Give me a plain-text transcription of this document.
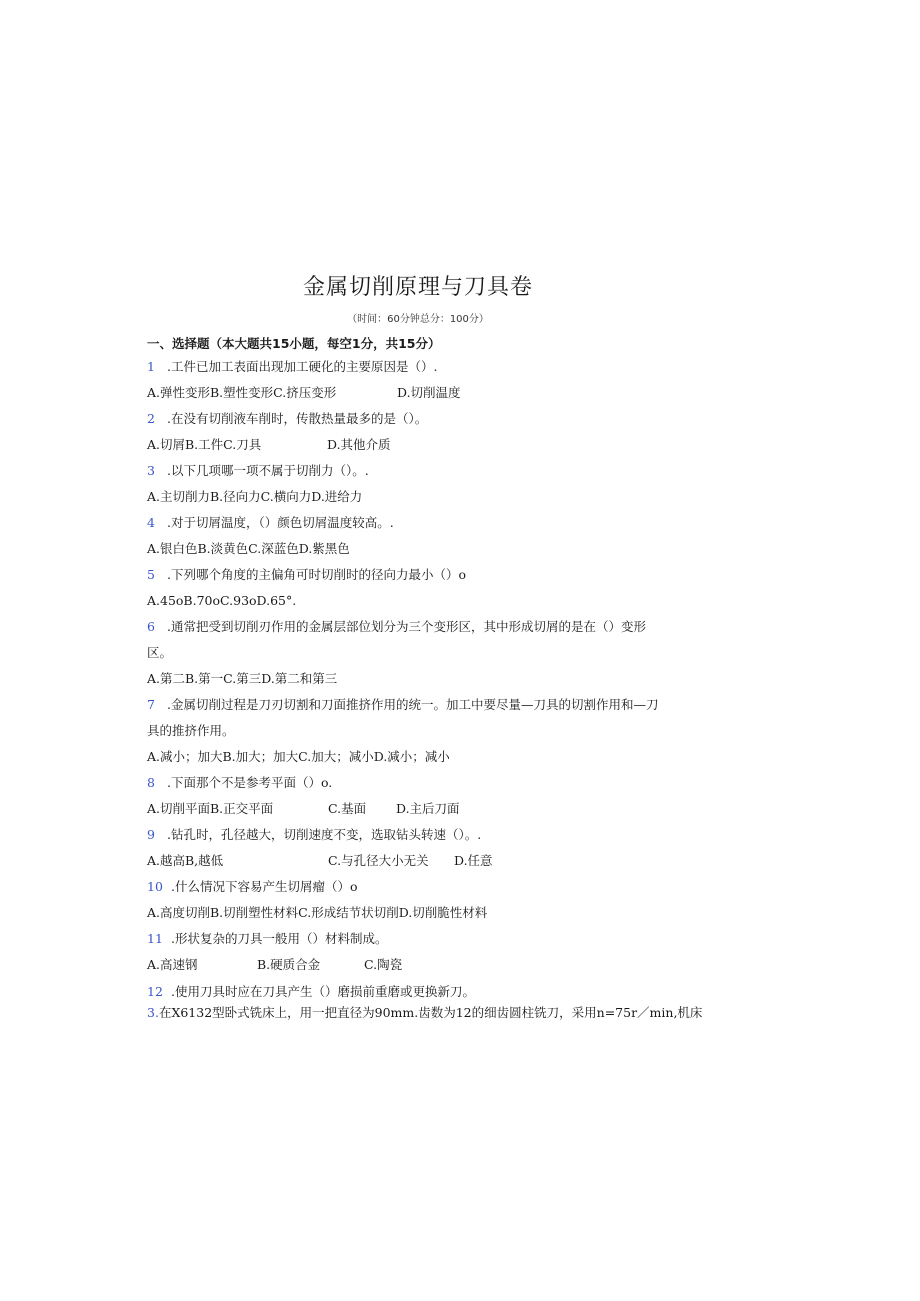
金属切削原理与刀具卷
（时间：60分钟总分：100分）
一、选择题（本大题共15小题，每空1分，共15分）
1 .工件已加工表面出现加工硬化的主要原因是（）.
A.弹性变形B.塑性变形C.挤压变形	D.切削温度
2 .在没有切削液车削时，传散热量最多的是（）。
A.切屑B.工件C.刀具	D.其他介质
3 .以下几项哪一项不属于切削力（）。.
A.主切削力B.径向力C.横向力D.进给力
4 .对于切屑温度，（）颜色切屑温度较高。.
A.银白色B.淡黄色C.深蓝色D.紫黑色
5 .下列哪个角度的主偏角可时切削时的径向力最小（）o
A.45oB.70oC.93oD.65°.
6 .通常把受到切削刃作用的金属层部位划分为三个变形区，其中形成切屑的是在（）变形
区。
A.第二B.第一C.第三D.第二和第三
7 .金属切削过程是刀刃切割和刀面推挤作用的统一。加工中要尽量—刀具的切割作用和—刀
具的推挤作用。
A.减小；加大B.加大；加大C.加大；减小D.减小；减小
8 .下面那个不是参考平面（）o.
A.切削平面B.正交平面	C.基面 D.主后刀面
9 .钻孔时，孔径越大，切削速度不变，选取钻头转速（）。.
A.越高B,越低	C.与孔径大小无关 D.任意
10 .什么情况下容易产生切屑瘤（）o
A.高度切削B.切削塑性材料C.形成结节状切削D.切削脆性材料
11 .形状复杂的刀具一般用（）材料制成。
A.高速钢	B.硬质合金	C.陶瓷
12 .使用刀具时应在刀具产生（）磨损前重磨或更换新刀。
3.在X6132型卧式铣床上，用一把直径为90mm.齿数为12的细齿圆柱铣刀，采用n=75r／min,机床
